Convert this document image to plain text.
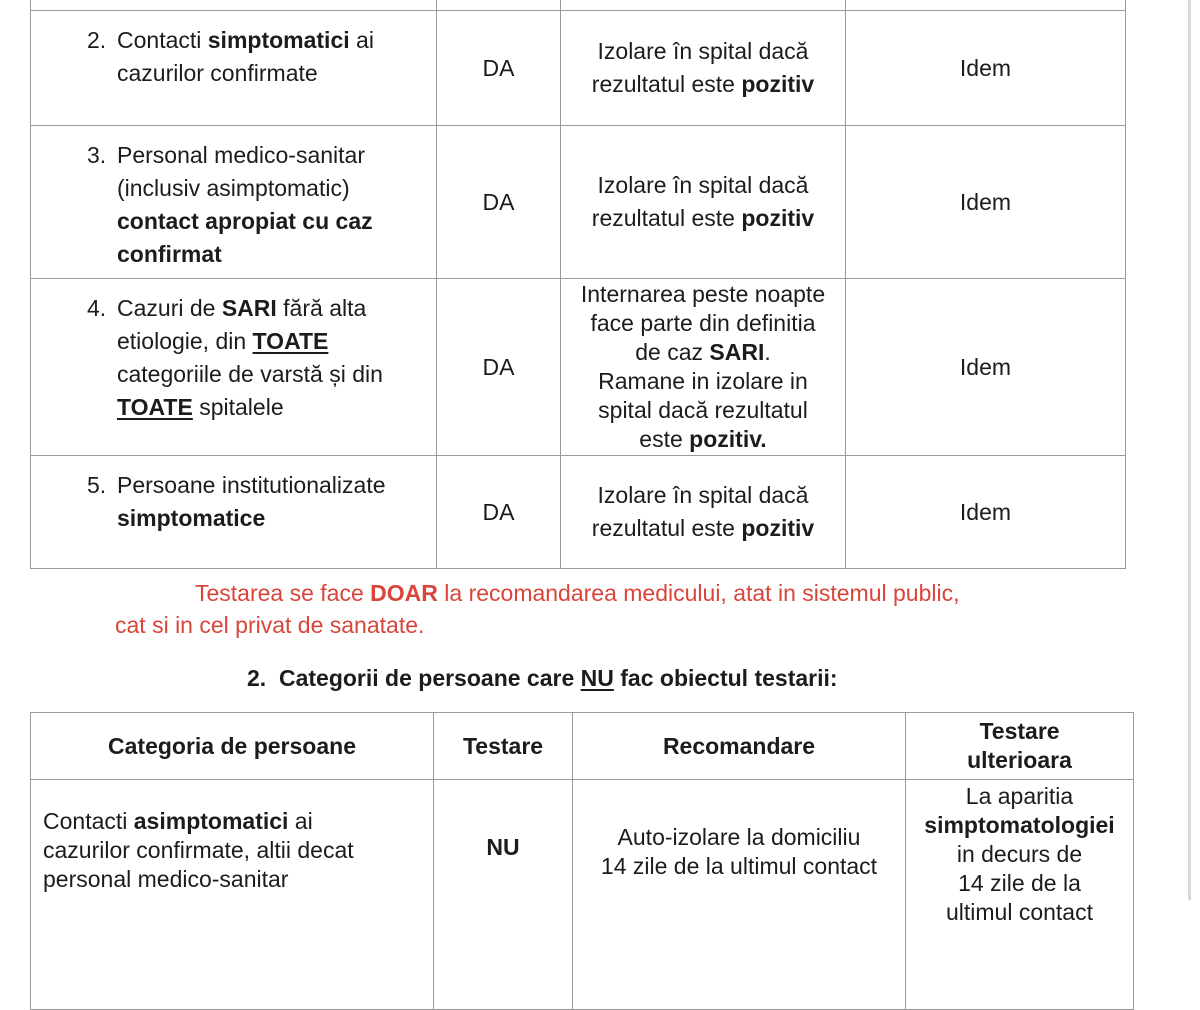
2. Contacti simptomatici ai
cazurilor confirmate	DA	Izolare în spital dacă
rezultatul este pozitiv	Idem

3. Personal medico-sanitar
(inclusiv asimptomatic)
contact apropiat cu caz
confirmat	DA	Izolare în spital dacă
rezultatul este pozitiv	Idem

4. Cazuri de SARI fără alta
etiologie, din TOATE
categoriile de varstă și din
TOATE spitalele
	DA	Internarea peste noapte
face parte din definitia
de caz SARI.
Ramane in izolare in
spital dacă rezultatul
este pozitiv.	Idem

5. Persoane institutionalizate
simptomatice	DA	Izolare în spital dacă
rezultatul este pozitiv	Idem
Testarea se face DOAR la recomandarea medicului, atat in sistemul public,
cat si in cel privat de sanatate.
2.  Categorii de persoane care NU fac obiectul testarii:
Categoria de persoane	Testare	Recomandare	Testare
ulterioara
Contacti asimptomatici ai
cazurilor confirmate, altii decat
personal medico-sanitar	NU	Auto-izolare la domiciliu
14 zile de la ultimul contact	La aparitia
simptomatologiei
in decurs de
14 zile de la
ultimul contact
